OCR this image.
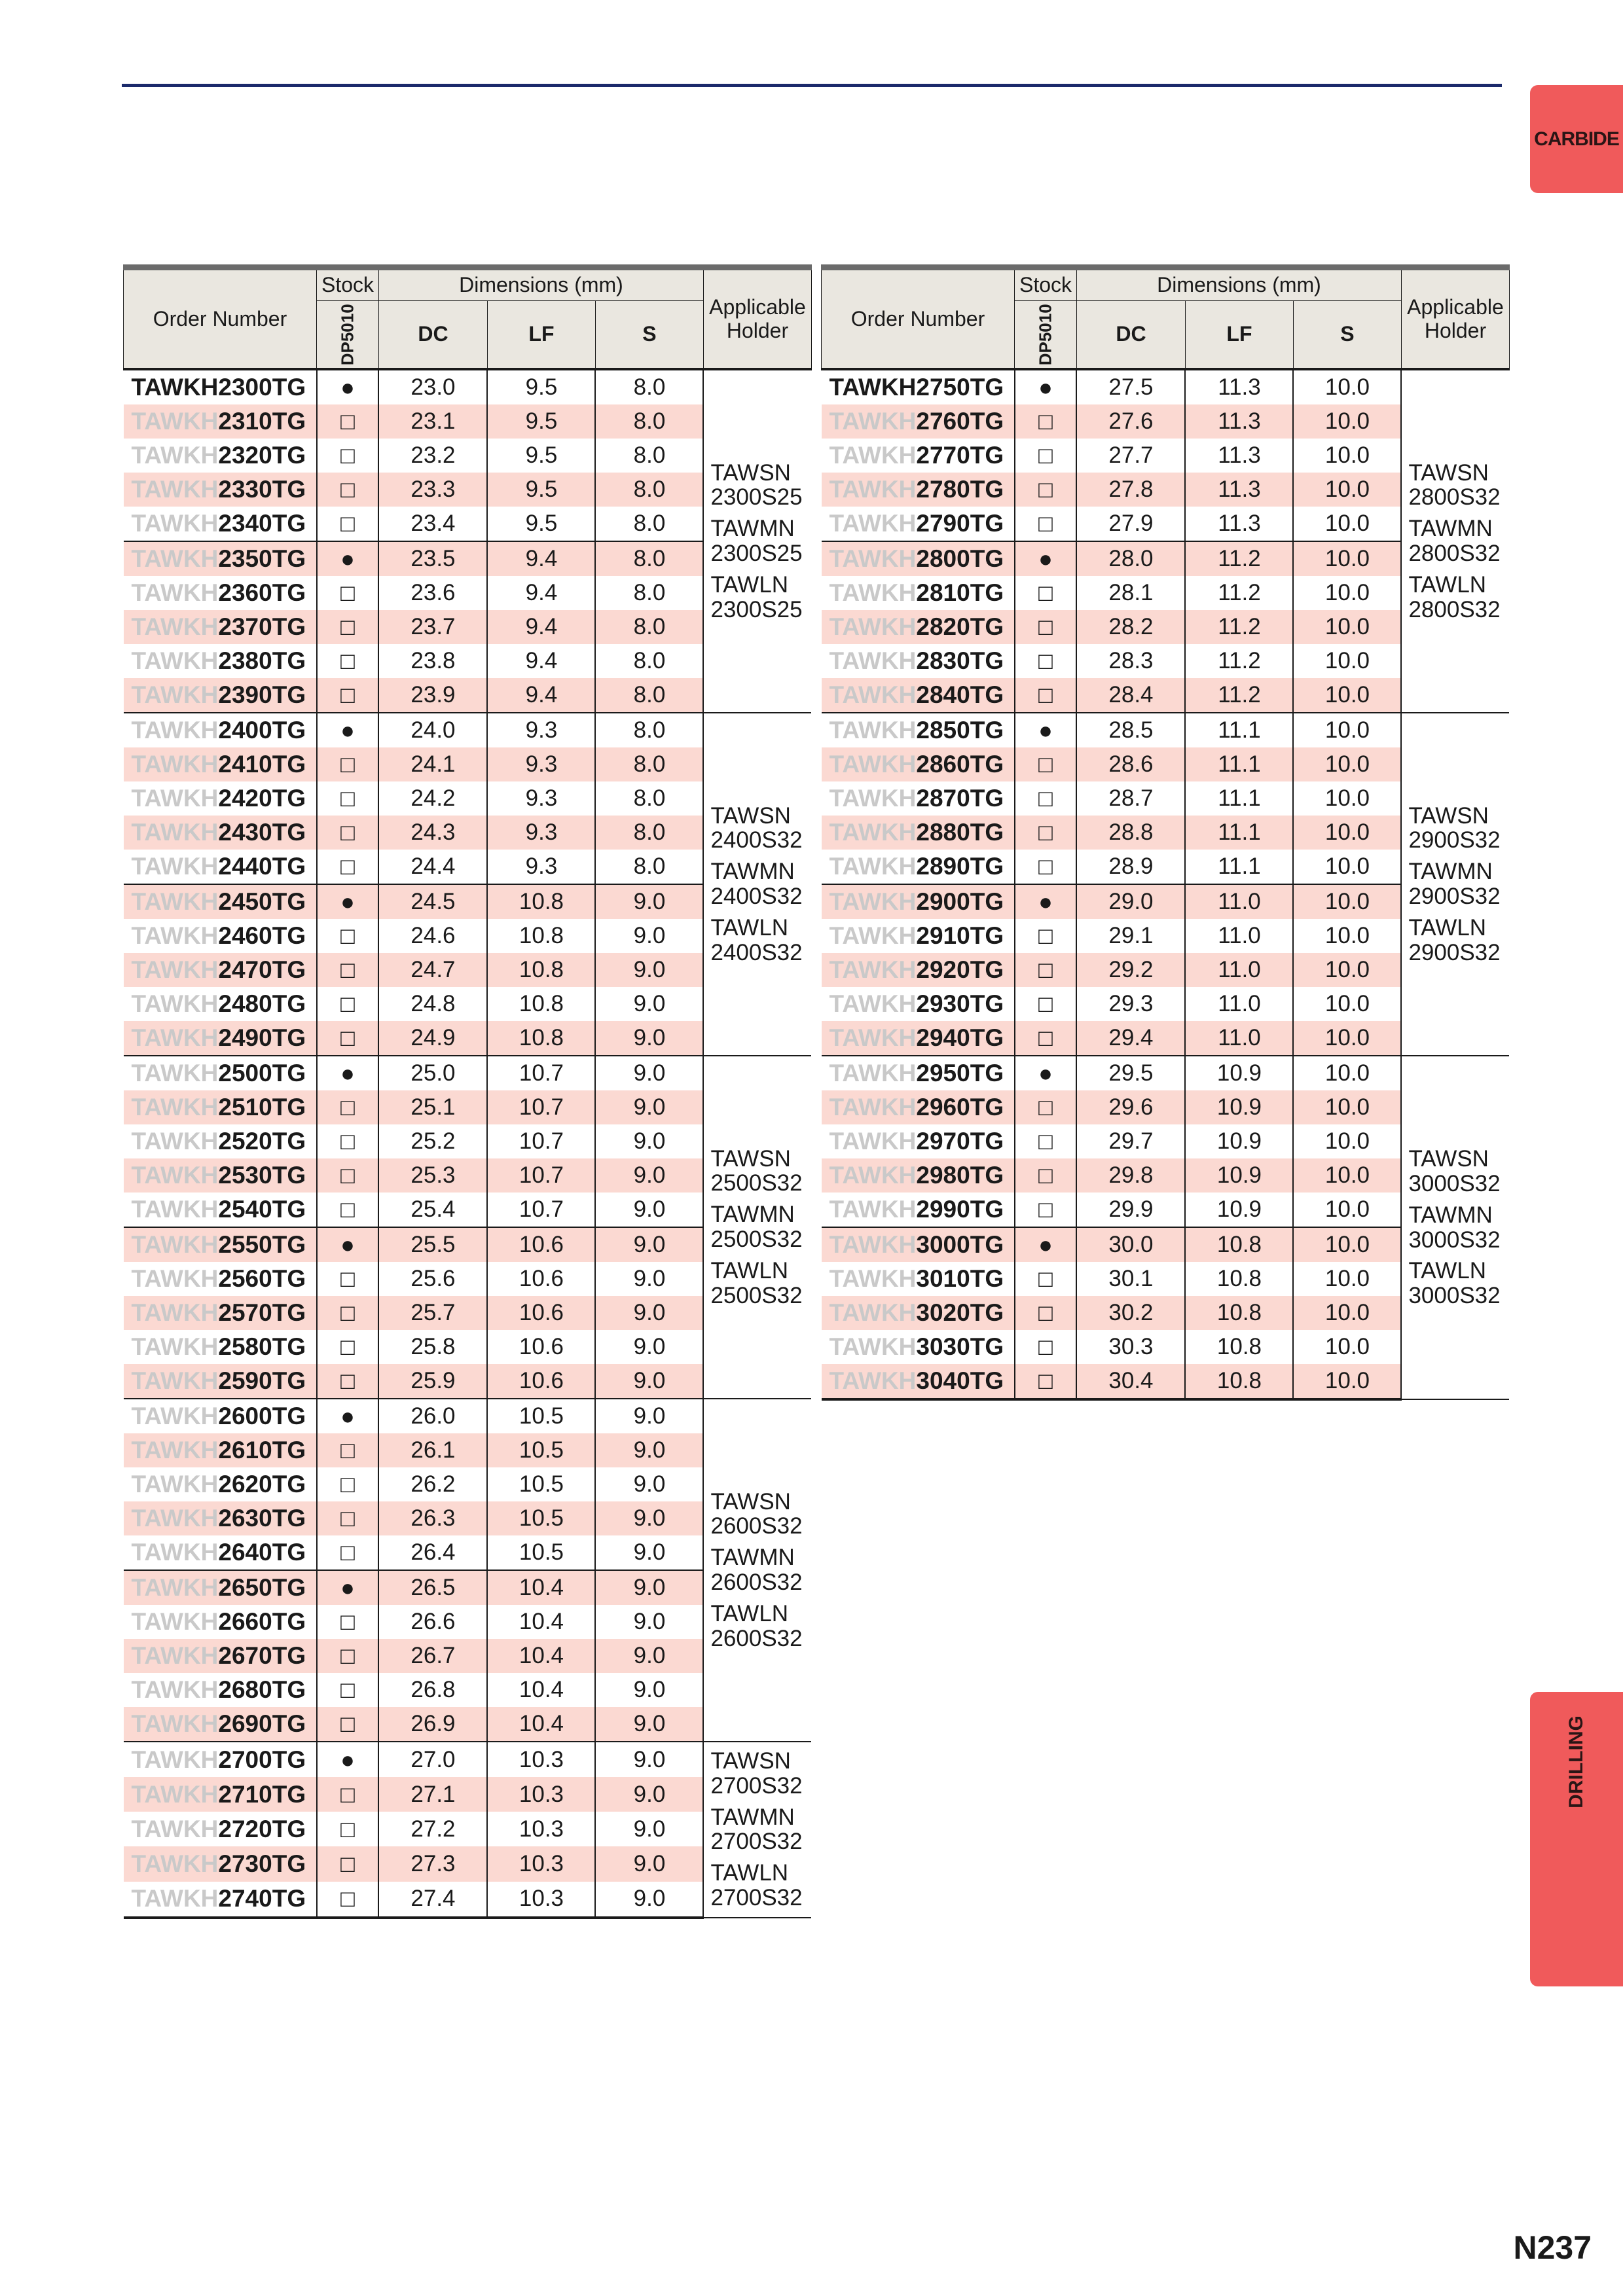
CARBIDE
DRILLING
N237
Order Number	Stock	Dimensions (mm)			Applicable Holder
	DP5010	DC	LF	S	
TAWKH2300TG	●	23.0	9.5	8.0	TAWSN 2300S25
TAWMN 2300S25
TAWLN 2300S25

TAWKH2310TG	□	23.1	9.5	8.0	
TAWKH2320TG	□	23.2	9.5	8.0	
TAWKH2330TG	□	23.3	9.5	8.0	
TAWKH2340TG	□	23.4	9.5	8.0	
TAWKH2350TG	●	23.5	9.4	8.0	
TAWKH2360TG	□	23.6	9.4	8.0	
TAWKH2370TG	□	23.7	9.4	8.0	
TAWKH2380TG	□	23.8	9.4	8.0	
TAWKH2390TG	□	23.9	9.4	8.0	
TAWKH2400TG	●	24.0	9.3	8.0	TAWSN 2400S32
TAWMN 2400S32
TAWLN 2400S32

TAWKH2410TG	□	24.1	9.3	8.0	
TAWKH2420TG	□	24.2	9.3	8.0	
TAWKH2430TG	□	24.3	9.3	8.0	
TAWKH2440TG	□	24.4	9.3	8.0	
TAWKH2450TG	●	24.5	10.8	9.0	
TAWKH2460TG	□	24.6	10.8	9.0	
TAWKH2470TG	□	24.7	10.8	9.0	
TAWKH2480TG	□	24.8	10.8	9.0	
TAWKH2490TG	□	24.9	10.8	9.0	
TAWKH2500TG	●	25.0	10.7	9.0	TAWSN 2500S32
TAWMN 2500S32
TAWLN 2500S32

TAWKH2510TG	□	25.1	10.7	9.0	
TAWKH2520TG	□	25.2	10.7	9.0	
TAWKH2530TG	□	25.3	10.7	9.0	
TAWKH2540TG	□	25.4	10.7	9.0	
TAWKH2550TG	●	25.5	10.6	9.0	
TAWKH2560TG	□	25.6	10.6	9.0	
TAWKH2570TG	□	25.7	10.6	9.0	
TAWKH2580TG	□	25.8	10.6	9.0	
TAWKH2590TG	□	25.9	10.6	9.0	
TAWKH2600TG	●	26.0	10.5	9.0	TAWSN 2600S32
TAWMN 2600S32
TAWLN 2600S32

TAWKH2610TG	□	26.1	10.5	9.0	
TAWKH2620TG	□	26.2	10.5	9.0	
TAWKH2630TG	□	26.3	10.5	9.0	
TAWKH2640TG	□	26.4	10.5	9.0	
TAWKH2650TG	●	26.5	10.4	9.0	
TAWKH2660TG	□	26.6	10.4	9.0	
TAWKH2670TG	□	26.7	10.4	9.0	
TAWKH2680TG	□	26.8	10.4	9.0	
TAWKH2690TG	□	26.9	10.4	9.0	
TAWKH2700TG	●	27.0	10.3	9.0	TAWSN 2700S32
TAWMN 2700S32
TAWLN 2700S32

TAWKH2710TG	□	27.1	10.3	9.0	
TAWKH2720TG	□	27.2	10.3	9.0	
TAWKH2730TG	□	27.3	10.3	9.0	
TAWKH2740TG	□	27.4	10.3	9.0	
Order Number	Stock	Dimensions (mm)			Applicable Holder
	DP5010	DC	LF	S	
TAWKH2750TG	●	27.5	11.3	10.0	TAWSN 2800S32
TAWMN 2800S32
TAWLN 2800S32

TAWKH2760TG	□	27.6	11.3	10.0	
TAWKH2770TG	□	27.7	11.3	10.0	
TAWKH2780TG	□	27.8	11.3	10.0	
TAWKH2790TG	□	27.9	11.3	10.0	
TAWKH2800TG	●	28.0	11.2	10.0	
TAWKH2810TG	□	28.1	11.2	10.0	
TAWKH2820TG	□	28.2	11.2	10.0	
TAWKH2830TG	□	28.3	11.2	10.0	
TAWKH2840TG	□	28.4	11.2	10.0	
TAWKH2850TG	●	28.5	11.1	10.0	TAWSN 2900S32
TAWMN 2900S32
TAWLN 2900S32

TAWKH2860TG	□	28.6	11.1	10.0	
TAWKH2870TG	□	28.7	11.1	10.0	
TAWKH2880TG	□	28.8	11.1	10.0	
TAWKH2890TG	□	28.9	11.1	10.0	
TAWKH2900TG	●	29.0	11.0	10.0	
TAWKH2910TG	□	29.1	11.0	10.0	
TAWKH2920TG	□	29.2	11.0	10.0	
TAWKH2930TG	□	29.3	11.0	10.0	
TAWKH2940TG	□	29.4	11.0	10.0	
TAWKH2950TG	●	29.5	10.9	10.0	TAWSN 3000S32
TAWMN 3000S32
TAWLN 3000S32

TAWKH2960TG	□	29.6	10.9	10.0	
TAWKH2970TG	□	29.7	10.9	10.0	
TAWKH2980TG	□	29.8	10.9	10.0	
TAWKH2990TG	□	29.9	10.9	10.0	
TAWKH3000TG	●	30.0	10.8	10.0	
TAWKH3010TG	□	30.1	10.8	10.0	
TAWKH3020TG	□	30.2	10.8	10.0	
TAWKH3030TG	□	30.3	10.8	10.0	
TAWKH3040TG	□	30.4	10.8	10.0	
